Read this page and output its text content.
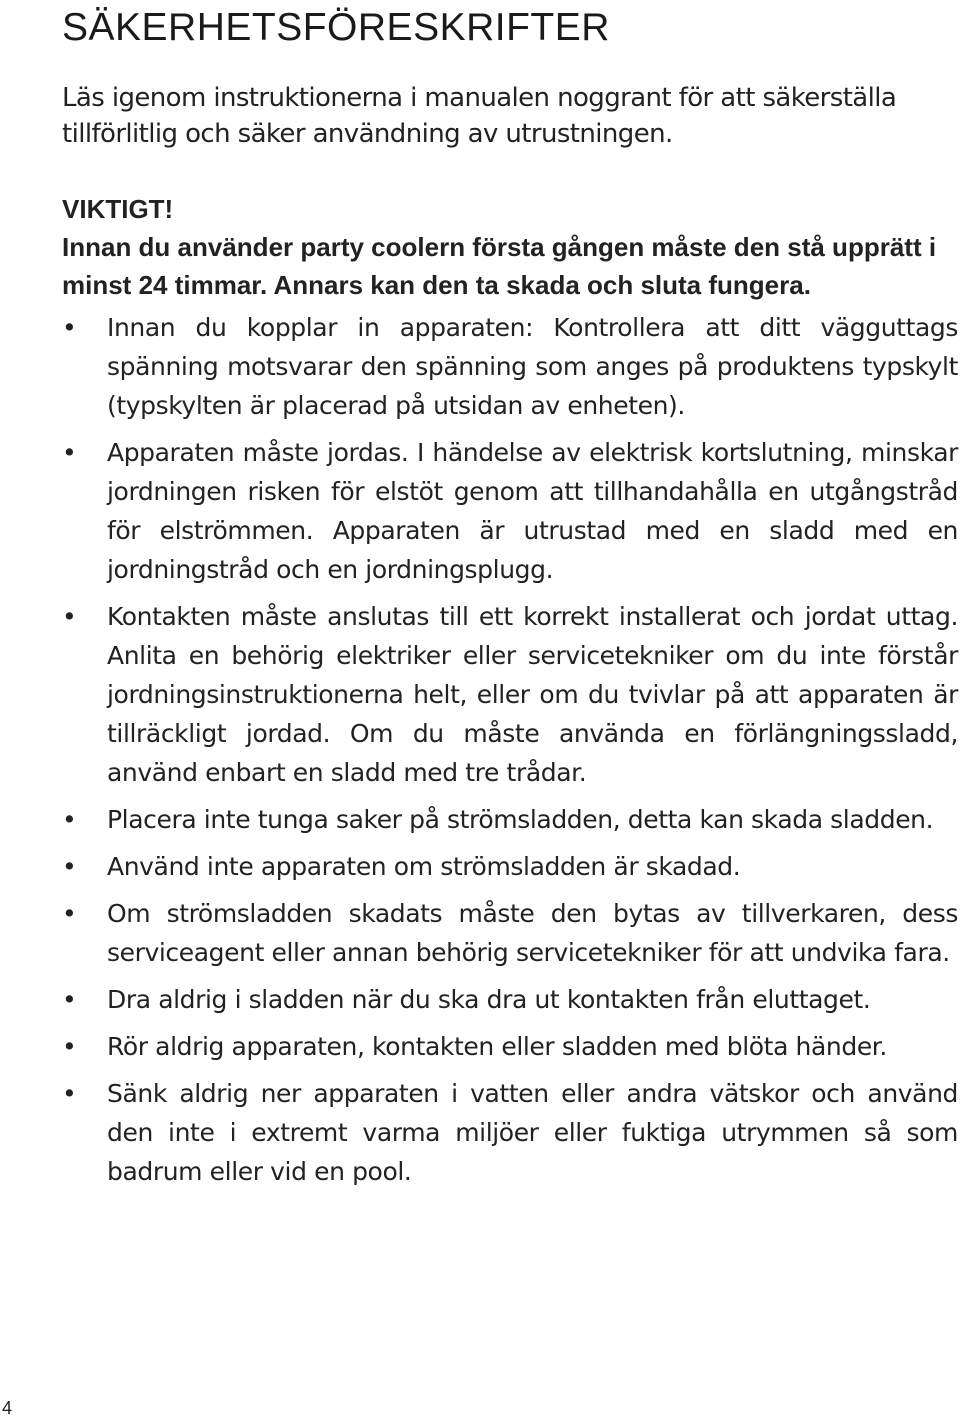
SÄKERHETSFÖRESKRIFTER

Läs igenom instruktionerna i manualen noggrant för att säkerställa tillförlitlig och säker användning av utrustningen.

VIKTIGT!
Innan du använder party coolern första gången måste den stå upprätt i minst 24 timmar. Annars kan den ta skada och sluta fungera.
• Innan du kopplar in apparaten: Kontrollera att ditt vägguttags spänning motsvarar den spänning som anges på produktens typskylt (typskylten är placerad på utsidan av enheten).
• Apparaten måste jordas. I händelse av elektrisk kortslutning, minskar jordningen risken för elstöt genom att tillhandahålla en utgångstråd för elströmmen. Apparaten är utrustad med en sladd med en jordningstråd och en jordningsplugg.
• Kontakten måste anslutas till ett korrekt installerat och jordat uttag. Anlita en behörig elektriker eller servicetekniker om du inte förstår jordningsinstruktionerna helt, eller om du tvivlar på att apparaten är tillräckligt jordad. Om du måste använda en förlängningssladd, använd enbart en sladd med tre trådar.
• Placera inte tunga saker på strömsladden, detta kan skada sladden.
• Använd inte apparaten om strömsladden är skadad.
• Om strömsladden skadats måste den bytas av tillverkaren, dess serviceagent eller annan behörig servicetekniker för att undvika fara.
• Dra aldrig i sladden när du ska dra ut kontakten från eluttaget.
• Rör aldrig apparaten, kontakten eller sladden med blöta händer.
• Sänk aldrig ner apparaten i vatten eller andra vätskor och använd den inte i extremt varma miljöer eller fuktiga utrymmen så som badrum eller vid en pool.
4
